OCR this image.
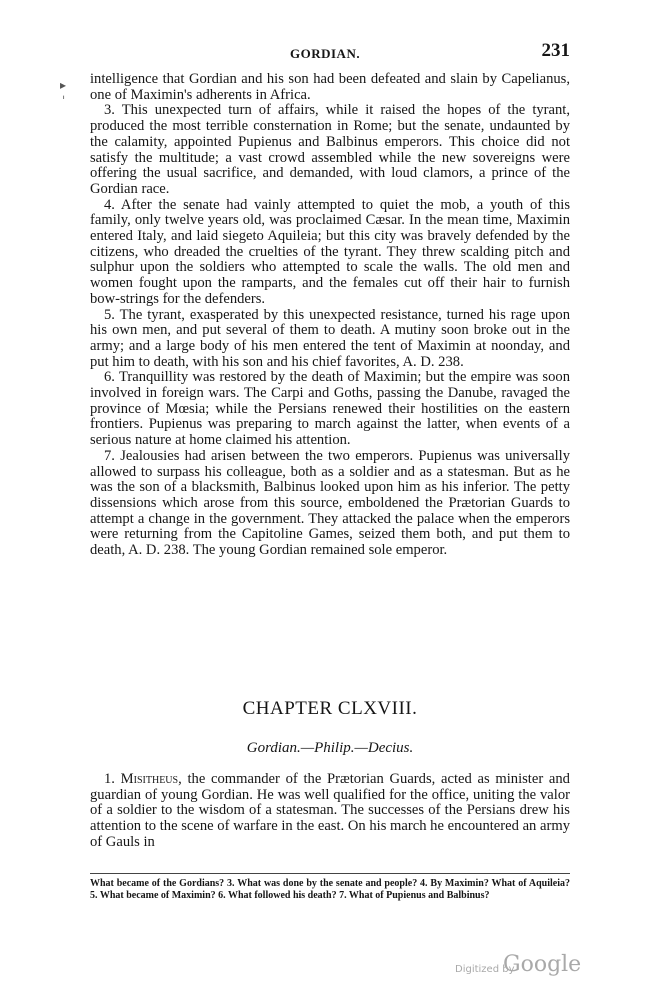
GORDIAN.	231
▸
ˈ

intelligence that Gordian and his son had been defeated and slain by Capelianus, one of Maximin's adherents in Africa.

3. This unexpected turn of affairs, while it raised the hopes of the tyrant, produced the most terrible consternation in Rome; but the senate, undaunted by the calamity, appointed Pupienus and Balbinus emperors. This choice did not satisfy the multitude; a vast crowd assembled while the new sovereigns were offering the usual sacrifice, and demanded, with loud clamors, a prince of the Gordian race.

4. After the senate had vainly attempted to quiet the mob, a youth of this family, only twelve years old, was proclaimed Cæsar. In the mean time, Maximin entered Italy, and laid siegeto Aquileia; but this city was bravely defended by the citizens, who dreaded the cruelties of the tyrant. They threw scalding pitch and sulphur upon the soldiers who attempted to scale the walls. The old men and women fought upon the ramparts, and the females cut off their hair to furnish bow-strings for the defenders.

5. The tyrant, exasperated by this unexpected resistance, turned his rage upon his own men, and put several of them to death. A mutiny soon broke out in the army; and a large body of his men entered the tent of Maximin at noonday, and put him to death, with his son and his chief favorites, A. D. 238.

6. Tranquillity was restored by the death of Maximin; but the empire was soon involved in foreign wars. The Carpi and Goths, passing the Danube, ravaged the province of Mœsia; while the Persians renewed their hostilities on the eastern frontiers. Pupienus was preparing to march against the latter, when events of a serious nature at home claimed his attention.

7. Jealousies had arisen between the two emperors. Pupienus was universally allowed to surpass his colleague, both as a soldier and as a statesman. But as he was the son of a blacksmith, Balbinus looked upon him as his inferior. The petty dissensions which arose from this source, emboldened the Prætorian Guards to attempt a change in the government. They attacked the palace when the emperors were returning from the Capitoline Games, seized them both, and put them to death, A. D. 238. The young Gordian remained sole emperor.

CHAPTER CLXVIII.
Gordian.—Philip.—Decius.

1. Misitheus, the commander of the Prætorian Guards, acted as minister and guardian of young Gordian. He was well qualified for the office, uniting the valor of a soldier to the wisdom of a statesman. The successes of the Persians drew his attention to the scene of warfare in the east. On his march he encountered an army of Gauls in

What became of the Gordians? 3. What was done by the senate and people? 4. By Maximin? What of Aquileia? 5. What became of Maximin? 6. What followed his death? 7. What of Pupienus and Balbinus?
Digitized by
Google
